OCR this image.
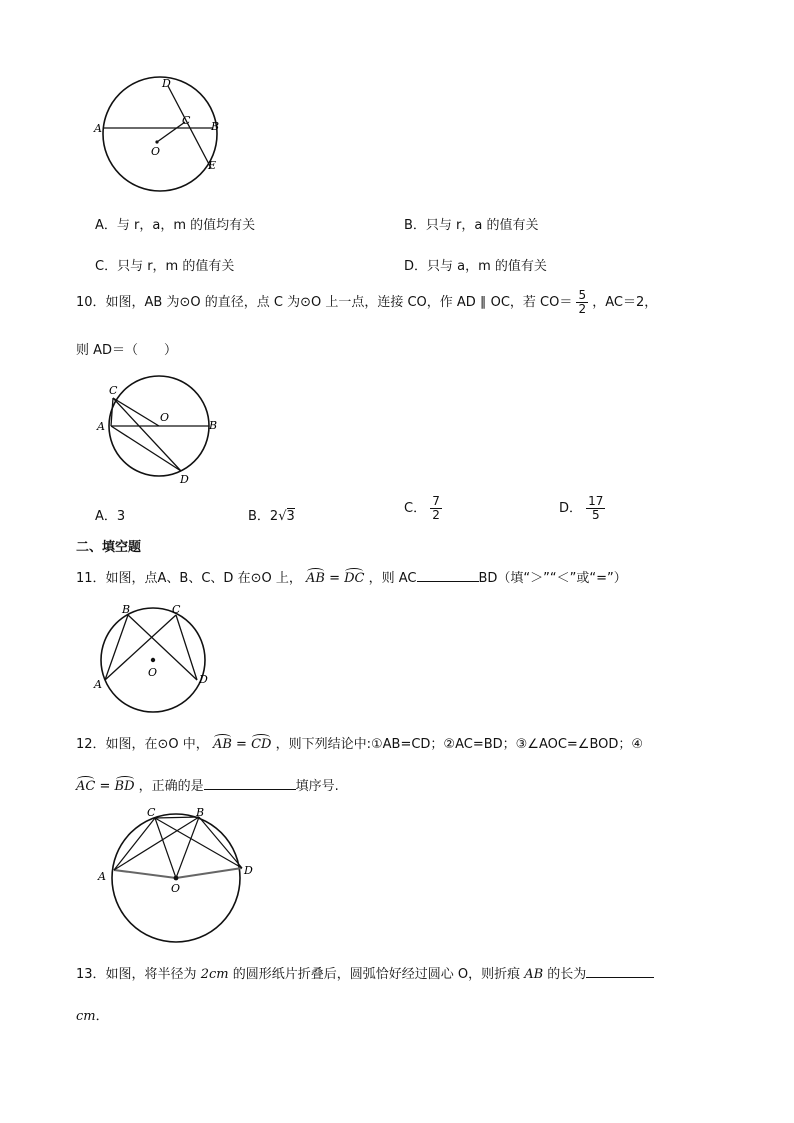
D
A
C B
O
E
A．与 r，a，m 的值均有关	B．只与 r，a 的值有关
C．只与 r，m 的值有关	D．只与 a，m 的值有关
10．如图，AB 为⊙O 的直径，点 C 为⊙O 上一点，连接 CO，作 AD ∥ OC，若 $CO= \frac{5}{2}$ ，AC＝2，
则 AD＝（　　）
C
O
A	B
D
A．3	B．2√3
C． $\frac{7}{2}$	D． $\frac{17}{5}$
二、填空题
11．如图，点A、B、C、D 在⊙O 上， AB = DC ，则 AC	BD（填“＞”“＜”或“=”）
B	C
O
A	D
12．如图，在⊙O 中， AB = CD ，则下列结论中:①AB=CD；②AC=BD；③∠AOC=∠BOD；④
AC = BD ，正确的是	填序号.
C	B
A	D
O
13．如图，将半径为 2cm 的圆形纸片折叠后，圆弧恰好经过圆心 O，则折痕 AB 的长为
cm．
